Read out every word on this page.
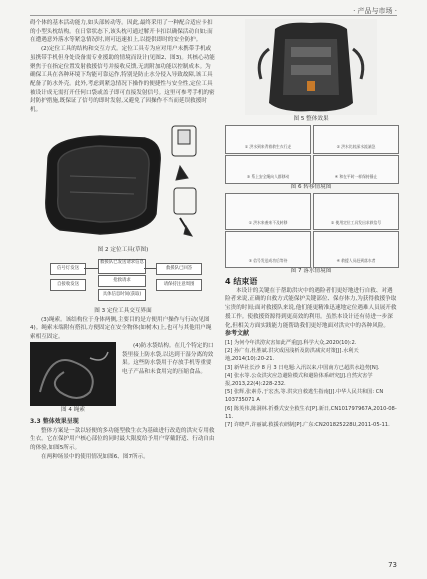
· 产品与市场 ·

碍个体的基本活动能力,如头部转动等。因此,最终采用了一种配合适应卡扣的小型头枕结构。在日常状态下,该头枕可通过解开卡扣以确保活动自如;而在遭遇意外落水等紧急情况时,则可迅速扣上,以提供即时的安全防护。

(2)定位工具的结构和交互方式。定位工具专为应对用户未携带手机或虽携带手机但身处设备需专业援助的情境而设计(见图2、图3)。其核心功能聚焦于在指定位置发射救援信号并接收反馈,无需附加功能以控制成本。为确保工具在各种环境下均能可靠运作,特别是防止水分侵入导致故障,该工具配备了防水外壳。此外,考虑到紧急情况下操作的便捷性与安全性,定位工具被设计成无需打开任何口袋或盖子即可直接发射信号。这里可参考手机的密封防护措施,既保证了信号的即时发射,又避免了因操作不当而延误救援时机。

图 2 定位工具(草图)
信号灯发送
自接收发送
救援队已发送请求信息
抢救请求
救援队已回答
具体信息时间(获取)
请保持注意周围
图 3 定位工具交互界面

(3)绳索。该结构位于身体两侧,主要目的是方便用户操作与行动(见图4)。绳索末端附有搭扣,方便固定在安全物体(如树木)上,也可与其他用户绳索相互固定。

图 4 绳索

(4)防水袋结构。在几个特定的口袋里接上防水袋,以达到干湿分离的效果。这些防水袋用于存放手机等重要电子产品和未食用完的压缩食品。

3.3 整体效果呈现

整体方案是一款以轻便的多功能型救生衣为基础进行改造的洪灾专用救生衣。它在保护用户核心部位的同时最大限度给予用户穿戴舒适、行动自由的体验,如图5所示。

在两种场景中的使用情况如图6、图7所示。

图 5 整体效果
① 洪水到来背着救生衣行走	② 洪水比较深水流湍急
③ 系上安全绳向人群移动	④ 和在平时一样保持静止
图 6 转移情境图
① 洪水来袭来不及转移	② 使用定位工具发出求救信号
③ 信号发送成功后等待	④ 救援人员赶到落水者
图 7 落水情境图
4 结束语

本设计的关键在于帮助洪灾中的遇险者们更好地进行自救、对遇险者来说,正确的自救方式能保护关键部位、保存体力,为获得救援争取宝贵的时间;面对救援队来说,他们能更精准迅速地定位遇难人员展开救援工作。使救援资源得到更高效的利用。虽然本设计还有待进一步深化,但相关方面实践能力能帮助我们更好地面对洪灾中的各种风险。

参考文献
[1] 为何今年洪涝灾害如此严重[J].科学大众,2020(10):2.
[2] 孙广有,杜胜斌.洪灾成因浅析及防洪减灾对策[J].水利天地,2014(10):20-21.
[3] 新华社长沙 8 月 3 日电题:入汛以来,中国南方已超洪水趋势[N].
[4] 张水等.公众洪灾应急避险模式和避险体系研究[J].自然灾害学报,2013,22(4):228-232.
[5] 张辉,张素芬,于宏杰,等.洪灾自救逃生指南[J].中华人民共和国: CN 103735071 A
[6] 陈英伟,陈洞林.折叠式安全救生衣[P].新日,CN101797967A,2010-08-11.
[7] 许晓声,许丽斌.救援衣研制[P].广东:CN201825228U,2011-05-11.
73
